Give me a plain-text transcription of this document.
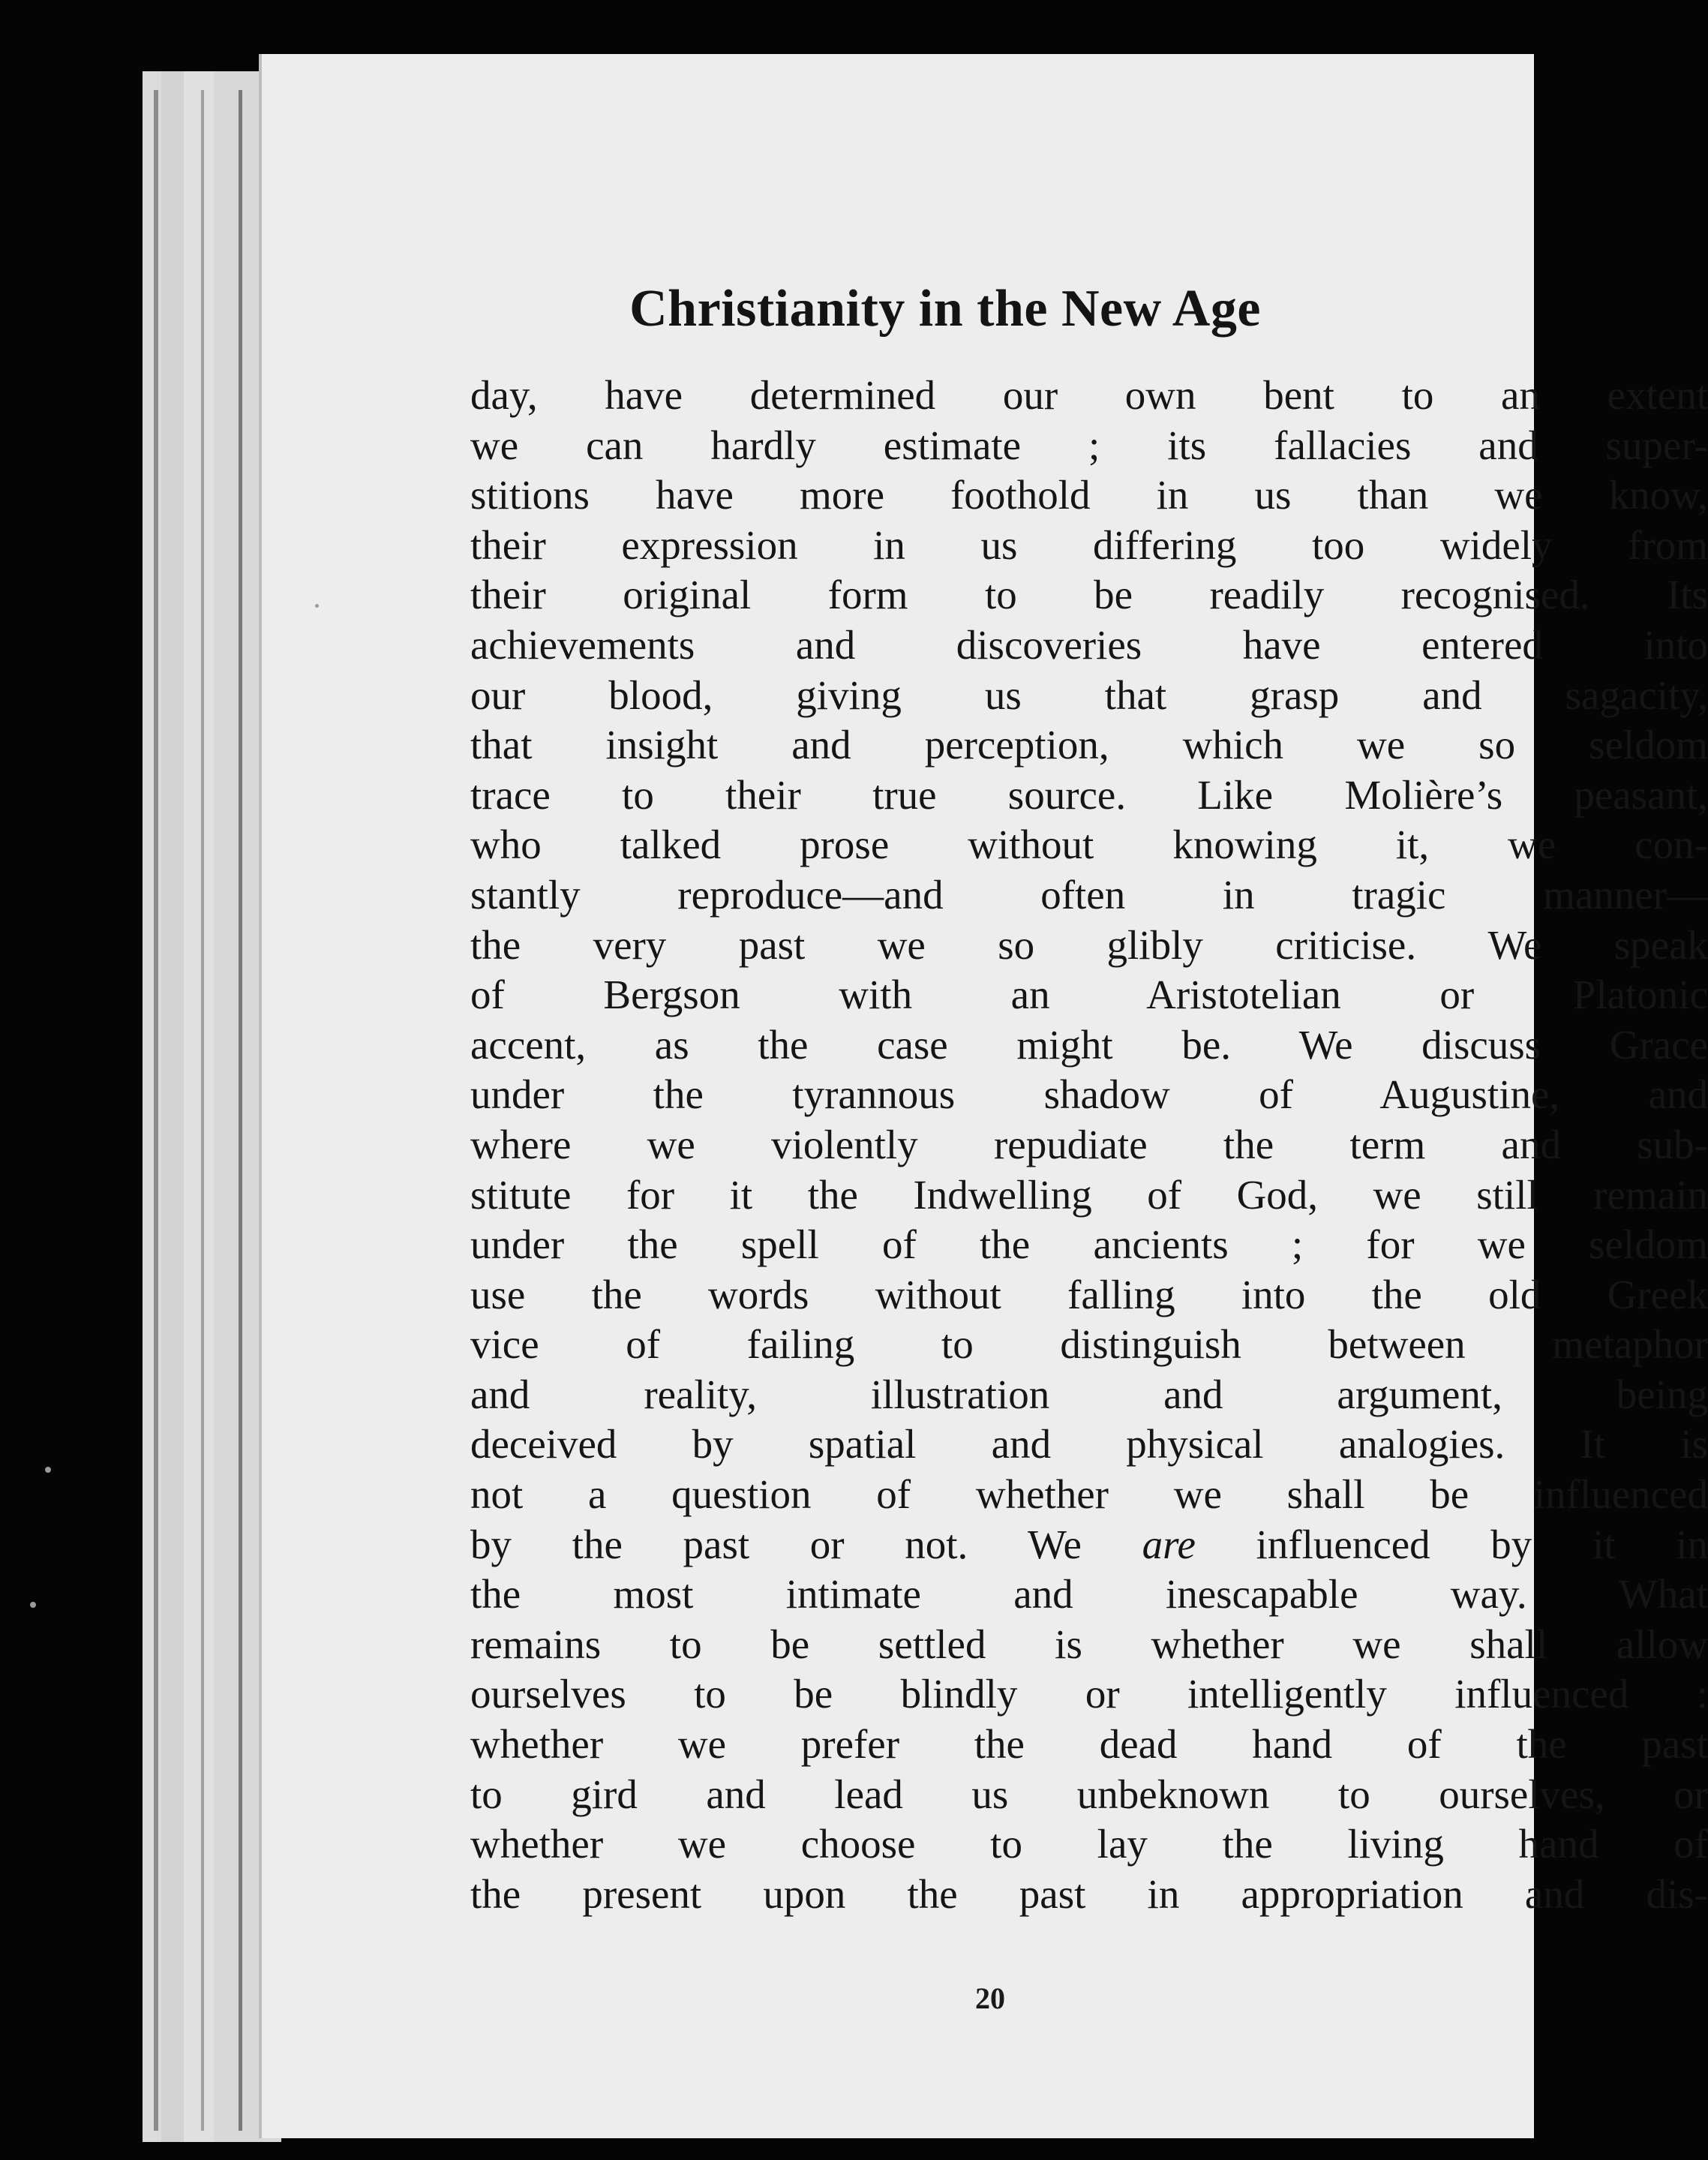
Christianity in the New Age
day, have determined our own bent to an extent
we can hardly estimate ; its fallacies and super-
stitions have more foothold in us than we know,
their expression in us differing too widely from
their original form to be readily recognised. Its
achievements and discoveries have entered into
our blood, giving us that grasp and sagacity,
that insight and perception, which we so seldom
trace to their true source. Like Molière’s peasant,
who talked prose without knowing it, we con-
stantly reproduce—and often in tragic manner—
the very past we so glibly criticise. We speak
of Bergson with an Aristotelian or Platonic
accent, as the case might be. We discuss Grace
under the tyrannous shadow of Augustine, and
where we violently repudiate the term and sub-
stitute for it the Indwelling of God, we still remain
under the spell of the ancients ; for we seldom
use the words without falling into the old Greek
vice of failing to distinguish between metaphor
and reality, illustration and argument, being
deceived by spatial and physical analogies. It is
not a question of whether we shall be influenced
by the past or not. We are influenced by it in
the most intimate and inescapable way. What
remains to be settled is whether we shall allow
ourselves to be blindly or intelligently influenced :
whether we prefer the dead hand of the past
to gird and lead us unbeknown to ourselves, or
whether we choose to lay the living hand of
the present upon the past in appropriation and dis-
20
